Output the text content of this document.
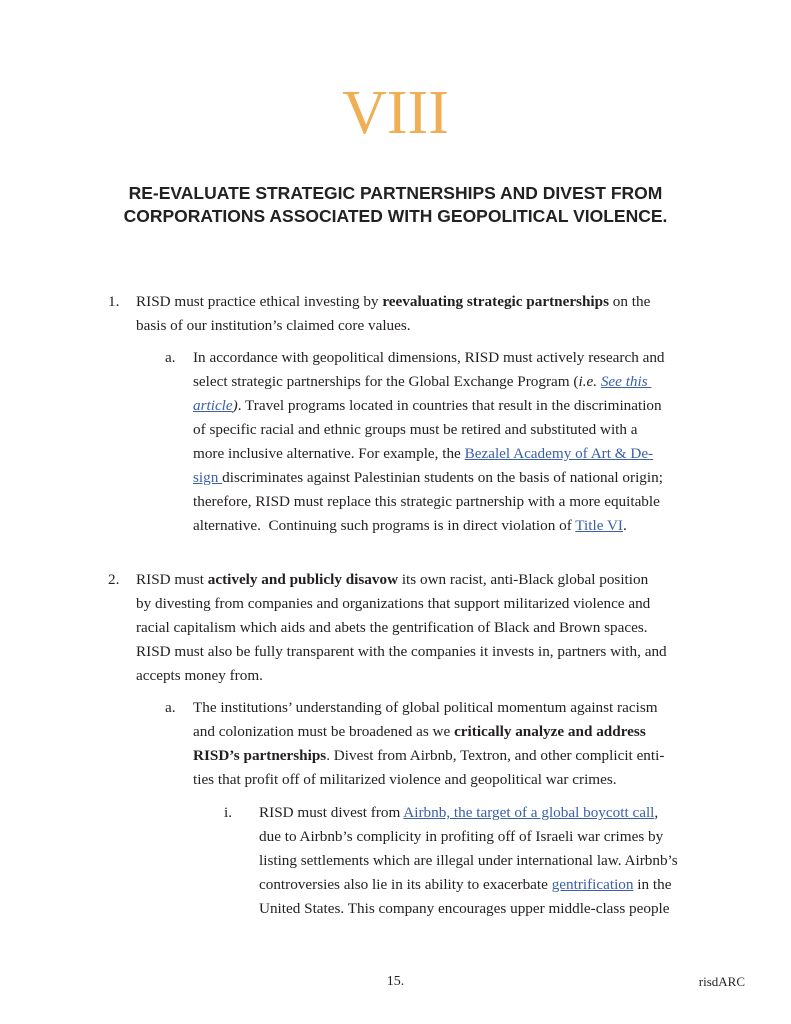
VIII
RE-EVALUATE STRATEGIC PARTNERSHIPS AND DIVEST FROM
CORPORATIONS ASSOCIATED WITH GEOPOLITICAL VIOLENCE.
1. RISD must practice ethical investing by reevaluating strategic partnerships on the
basis of our institution’s claimed core values.
a. In accordance with geopolitical dimensions, RISD must actively research and
select strategic partnerships for the Global Exchange Program (i.e. See this
article). Travel programs located in countries that result in the discrimination
of specific racial and ethnic groups must be retired and substituted with a
more inclusive alternative. For example, the Bezalel Academy of Art & De-
sign discriminates against Palestinian students on the basis of national origin;
therefore, RISD must replace this strategic partnership with a more equitable
alternative.  Continuing such programs is in direct violation of Title VI.
2. RISD must actively and publicly disavow its own racist, anti-Black global position
by divesting from companies and organizations that support militarized violence and
racial capitalism which aids and abets the gentrification of Black and Brown spaces.
RISD must also be fully transparent with the companies it invests in, partners with, and
accepts money from.
a. The institutions’ understanding of global political momentum against racism
and colonization must be broadened as we critically analyze and address
RISD’s partnerships. Divest from Airbnb, Textron, and other complicit enti-
ties that profit off of militarized violence and geopolitical war crimes.
i. RISD must divest from Airbnb, the target of a global boycott call,
due to Airbnb’s complicity in profiting off of Israeli war crimes by
listing settlements which are illegal under international law. Airbnb’s
controversies also lie in its ability to exacerbate gentrification in the
United States. This company encourages upper middle-class people
15.	risdARC
